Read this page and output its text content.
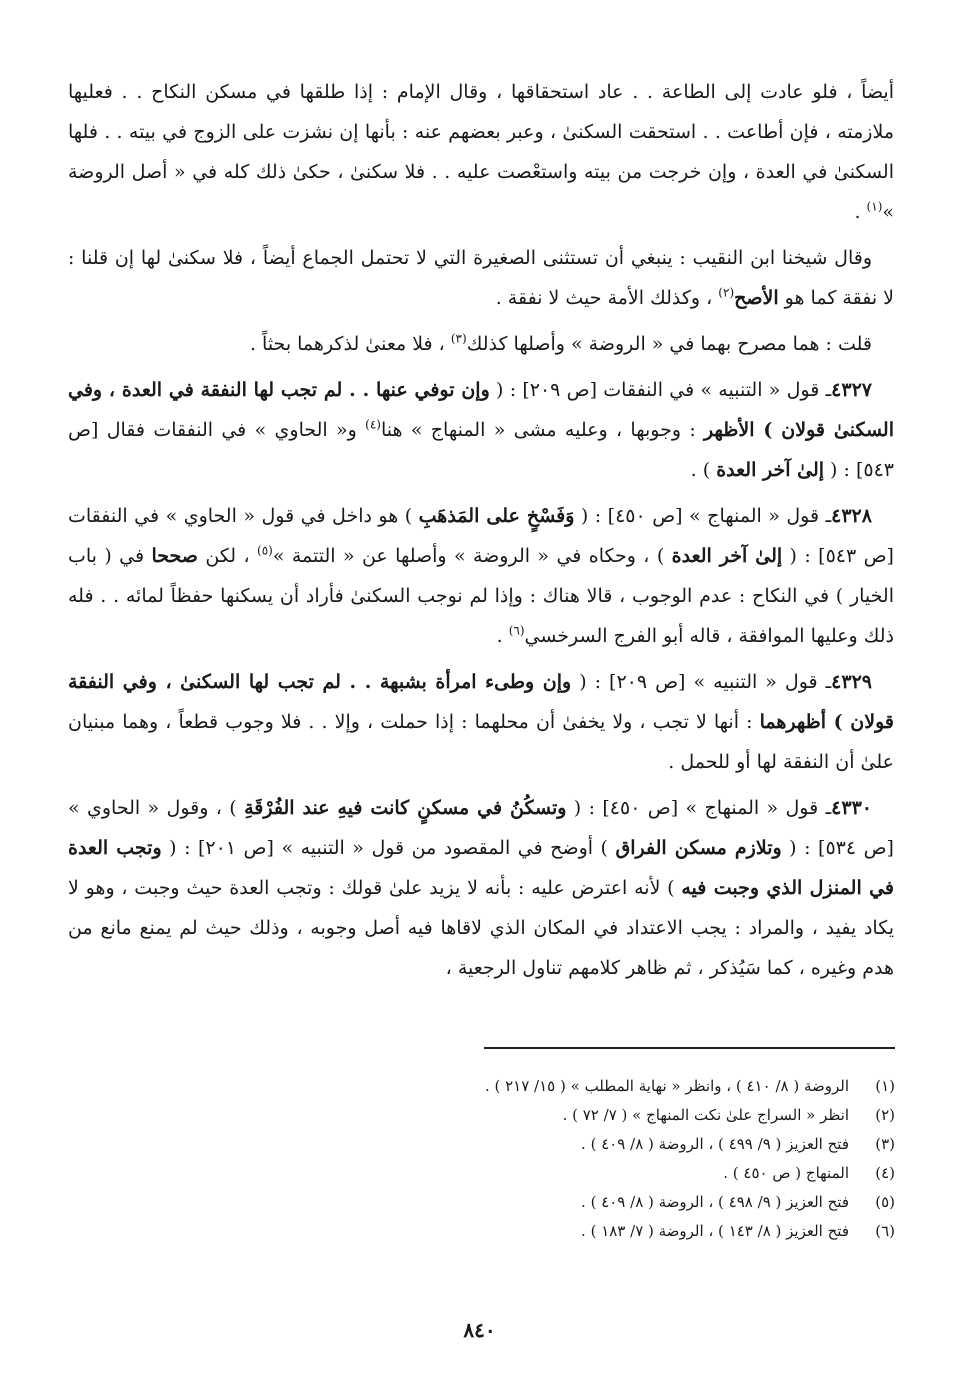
أيضاً ، فلو عادت إلى الطاعة . . عاد استحقاقها ، وقال الإمام : إذا طلقها في مسكن النكاح . . فعليها ملازمته ، فإن أطاعت . . استحقت السكنىٰ ، وعبر بعضهم عنه : بأنها إن نشزت على الزوج في بيته . . فلها السكنىٰ في العدة ، وإن خرجت من بيته واستعْصت عليه . . فلا سكنىٰ ، حكىٰ ذلك كله في « أصل الروضة »$^{(١)}$ .

وقال شيخنا ابن النقيب : ينبغي أن تستثنى الصغيرة التي لا تحتمل الجماع أيضاً ، فلا سكنىٰ لها إن قلنا : لا نفقة كما هو الأصح$^{(٢)}$ ، وكذلك الأمة حيث لا نفقة .

قلت : هما مصرح بهما في « الروضة » وأصلها كذلك$^{(٣)}$ ، فلا معنىٰ لذكرهما بحثاً .

٤٣٢٧ـ قول « التنبيه » في النفقات [ص ٢٠٩] : ( وإن توفي عنها . . لم تجب لها النفقة في العدة ، وفي السكنىٰ قولان ) الأظهر : وجوبها ، وعليه مشى « المنهاج » هنا$^{(٤)}$ و« الحاوي » في النفقات فقال [ص ٥٤٣] : ( إلىٰ آخر العدة ) .

٤٣٢٨ـ قول « المنهاج » [ص ٤٥٠] : ( وَفَسْخٍ على المَذهَبِ ) هو داخل في قول « الحاوي » في النفقات [ص ٥٤٣] : ( إلىٰ آخر العدة ) ، وحكاه في « الروضة » وأصلها عن « التتمة »$^{(٥)}$ ، لكن صححا في ( باب الخيار ) في النكاح : عدم الوجوب ، قالا هناك : وإذا لم نوجب السكنىٰ فأراد أن يسكنها حفظاً لمائه . . فله ذلك وعليها الموافقة ، قاله أبو الفرج السرخسي$^{(٦)}$ .

٤٣٢٩ـ قول « التنبيه » [ص ٢٠٩] : ( وإن وطىء امرأة بشبهة . . لم تجب لها السكنىٰ ، وفي النفقة قولان ) أظهرهما : أنها لا تجب ، ولا يخفىٰ أن محلهما : إذا حملت ، وإلا . . فلا وجوب قطعاً ، وهما مبنيان علىٰ أن النفقة لها أو للحمل .

٤٣٣٠ـ قول « المنهاج » [ص ٤٥٠] : ( وتسكُنُ في مسكنٍ كانت فيهِ عند الفُرْقَةِ ) ، وقول « الحاوي » [ص ٥٣٤] : ( وتلازم مسكن الفراق ) أوضح في المقصود من قول « التنبيه » [ص ٢٠١] : ( وتجب العدة في المنزل الذي وجبت فيه ) لأنه اعترض عليه : بأنه لا يزيد علىٰ قولك : وتجب العدة حيث وجبت ، وهو لا يكاد يفيد ، والمراد : يجب الاعتداد في المكان الذي لاقاها فيه أصل وجوبه ، وذلك حيث لم يمنع مانع من هدم وغيره ، كما سَيُذكر ، ثم ظاهر كلامهم تناول الرجعية ،

(١)
الروضة ( ٨/ ٤١٠ ) ، وانظر « نهاية المطلب » ( ١٥/ ٢١٧ ) .
(٢)
انظر « السراج علىٰ نكت المنهاج » ( ٧/ ٧٢ ) .
(٣)
فتح العزيز ( ٩/ ٤٩٩ ) ، الروضة ( ٨/ ٤٠٩ ) .
(٤)
المنهاج ( ص ٤٥٠ ) .
(٥)
فتح العزيز ( ٩/ ٤٩٨ ) ، الروضة ( ٨/ ٤٠٩ ) .
(٦)
فتح العزيز ( ٨/ ١٤٣ ) ، الروضة ( ٧/ ١٨٣ ) .
٨٤٠
